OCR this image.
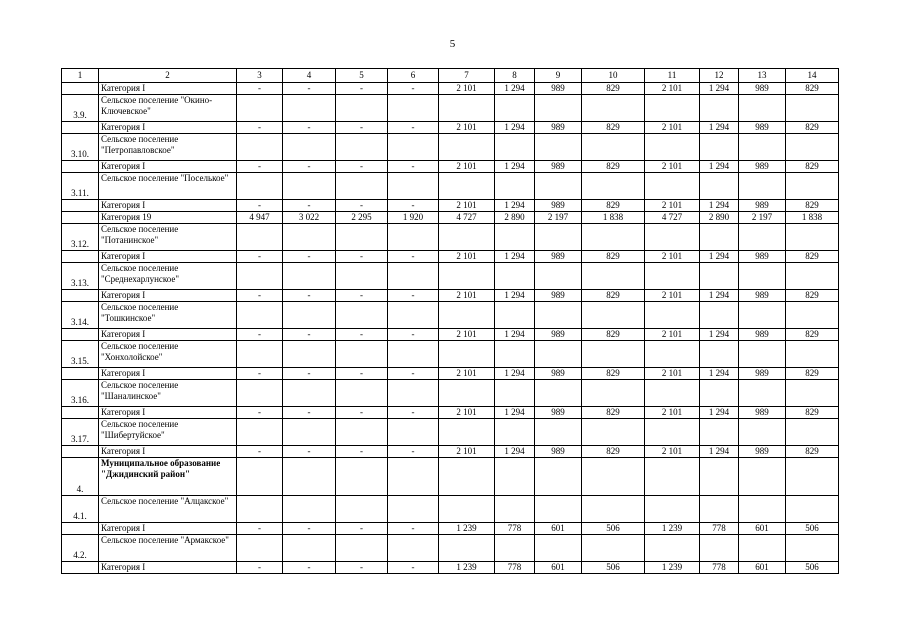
5
1	2	3	4	5	6	7	8	9	10	11	12	13	14
	Категория I	-	-	-	-	2 101	1 294	989	829	2 101	1 294	989	829
3.9.	Сельское поселение "Окино-Ключевское"												
	Категория I	-	-	-	-	2 101	1 294	989	829	2 101	1 294	989	829
3.10.	Сельское поселение "Петропавловское"												
	Категория I	-	-	-	-	2 101	1 294	989	829	2 101	1 294	989	829
3.11.	Сельское поселение "Поселькое"												
	Категория I	-	-	-	-	2 101	1 294	989	829	2 101	1 294	989	829
	Категория 19	4 947	3 022	2 295	1 920	4 727	2 890	2 197	1 838	4 727	2 890	2 197	1 838
3.12.	Сельское поселение "Потанинское"												
	Категория I	-	-	-	-	2 101	1 294	989	829	2 101	1 294	989	829
3.13.	Сельское поселение "Среднехарлунское"												
	Категория I	-	-	-	-	2 101	1 294	989	829	2 101	1 294	989	829
3.14.	Сельское поселение "Тошкинское"												
	Категория I	-	-	-	-	2 101	1 294	989	829	2 101	1 294	989	829
3.15.	Сельское поселение "Хонхолойское"												
	Категория I	-	-	-	-	2 101	1 294	989	829	2 101	1 294	989	829
3.16.	Сельское поселение "Шаналинское"												
	Категория I	-	-	-	-	2 101	1 294	989	829	2 101	1 294	989	829
3.17.	Сельское поселение "Шибертуйское"												
	Категория I	-	-	-	-	2 101	1 294	989	829	2 101	1 294	989	829
4.	Муниципальное образование "Джидинский район"												
4.1.	Сельское поселение "Алцакское"												
	Категория I	-	-	-	-	1 239	778	601	506	1 239	778	601	506
4.2.	Сельское поселение "Армакское"												
	Категория I	-	-	-	-	1 239	778	601	506	1 239	778	601	506
